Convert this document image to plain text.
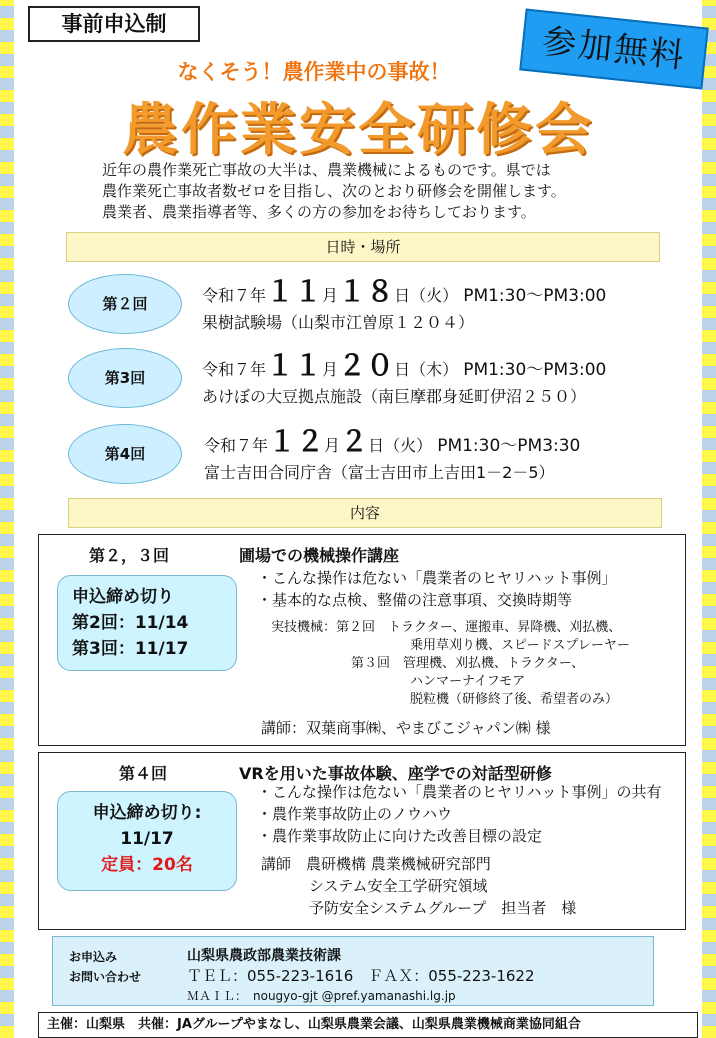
事前申込制	参加無料
なくそう！農作業中の事故！
農作業安全研修会
近年の農作業死亡事故の大半は、農業機械によるものです。県では
農作業死亡事故者数ゼロを目指し、次のとおり研修会を開催します。
農業者、農業指導者等、多くの方の参加をお待ちしております。
日時・場所
第２回	令和７年１１月１８日（火） PM1:30～PM3:00
果樹試験場（山梨市江曽原１２０４）
第3回	令和７年１１月２０日（木） PM1:30～PM3:00
あけぼの大豆拠点施設（南巨摩郡身延町伊沼２５０）
第4回	令和７年１２月２日（火） PM1:30～PM3:30
富士吉田合同庁舎（富士吉田市上吉田1－2－5）
内容
第２，３回	圃場での機械操作講座
申込締め切り
第2回：11/14
第3回：11/17
・こんな操作は危ない「農業者のヒヤリハット事例」
・基本的な点検、整備の注意事項、交換時期等
実技機械：第２回　トラクター、運搬車、昇降機、刈払機、
乗用草刈り機、スピードスプレーヤー
第３回　管理機、刈払機、トラクター、
ハンマーナイフモア
脱粒機（研修終了後、希望者のみ）
講師：双葉商事㈱、やまびこジャパン㈱ 様
第４回	VRを用いた事故体験、座学での対話型研修
申込締め切り:
11/17
定員：20名
・こんな操作は危ない「農業者のヒヤリハット事例」の共有
・農作業事故防止のノウハウ
・農作業事故防止に向けた改善目標の設定
講師　農研機構 農業機械研究部門
システム安全工学研究領域
予防安全システムグループ　担当者　様
お申込み
お問い合わせ
山梨県農政部農業技術課
ＴＥＬ：055-223-1616　ＦＡＸ：055-223-1622
ＭＡＩＬ：　nougyo-gjt @pref.yamanashi.lg.jp
主催：山梨県　共催：JAグループやまなし、山梨県農業会議、山梨県農業機械商業協同組合
